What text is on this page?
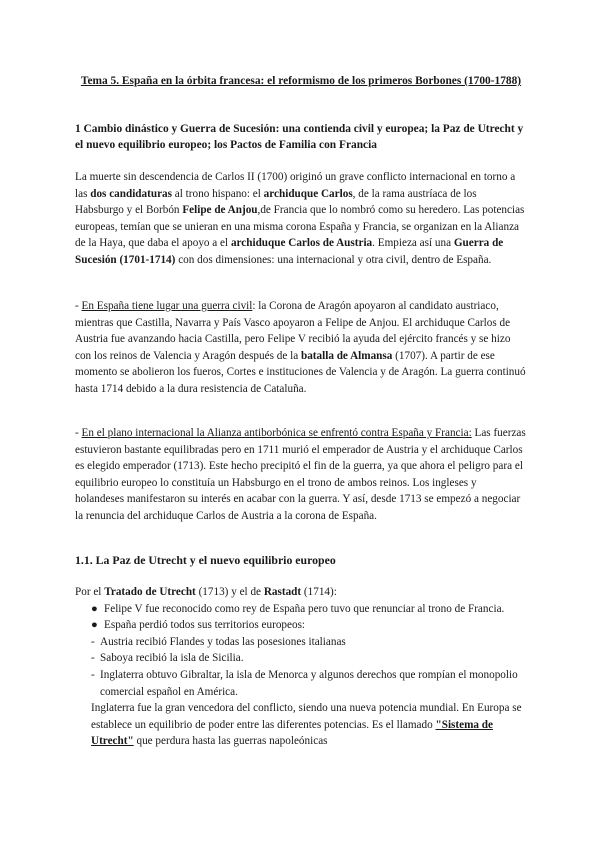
Tema 5. España en la órbita francesa: el reformismo de los primeros Borbones (1700-1788)
1 Cambio dinástico y Guerra de Sucesión: una contienda civil y europea; la Paz de Utrecht y el nuevo equilibrio europeo; los Pactos de Familia con Francia

La muerte sin descendencia de Carlos II (1700) originó un grave conflicto internacional en torno a las dos candidaturas al trono hispano: el archiduque Carlos, de la rama austríaca de los Habsburgo y el Borbón Felipe de Anjou,de Francia que lo nombró como su heredero. Las potencias europeas, temían que se unieran en una misma corona España y Francia, se organizan en la Alianza de la Haya, que daba el apoyo a el archiduque Carlos de Austria. Empieza así una Guerra de Sucesión (1701-1714) con dos dimensiones: una internacional y otra civil, dentro de España.

- En España tiene lugar una guerra civil: la Corona de Aragón apoyaron al candidato austriaco, mientras que Castilla, Navarra y País Vasco apoyaron a Felipe de Anjou. El archiduque Carlos de Austria fue avanzando hacia Castilla, pero Felipe V recibió la ayuda del ejército francés y se hizo con los reinos de Valencia y Aragón después de la batalla de Almansa (1707). A partir de ese momento se abolieron los fueros, Cortes e instituciones de Valencia y de Aragón. La guerra continuó hasta 1714 debido a la dura resistencia de Cataluña.

- En el plano internacional la Alianza antiborbónica se enfrentó contra España y Francia: Las fuerzas estuvieron bastante equilibradas pero en 1711 murió el emperador de Austria y el archiduque Carlos es elegido emperador (1713). Este hecho precipitó el fin de la guerra, ya que ahora el peligro para el equilibrio europeo lo constituía un Habsburgo en el trono de ambos reinos. Los ingleses y holandeses manifestaron su interés en acabar con la guerra. Y así, desde 1713 se empezó a negociar la renuncia del archiduque Carlos de Austria a la corona de España.

1.1. La Paz de Utrecht y el nuevo equilibrio europeo

Por el Tratado de Utrecht (1713) y el de Rastadt (1714):

● Felipe V fue reconocido como rey de España pero tuvo que renunciar al trono de Francia.
● España perdió todos sus territorios europeos:
- Austria recibió Flandes y todas las posesiones italianas
- Saboya recibió la isla de Sicilia.
- Inglaterra obtuvo Gibraltar, la isla de Menorca y algunos derechos que rompían el monopolio comercial español en América.

Inglaterra fue la gran vencedora del conflicto, siendo una nueva potencia mundial. En Europa se establece un equilibrio de poder entre las diferentes potencias. Es el llamado "Sistema de Utrecht" que perdura hasta las guerras napoleónicas
